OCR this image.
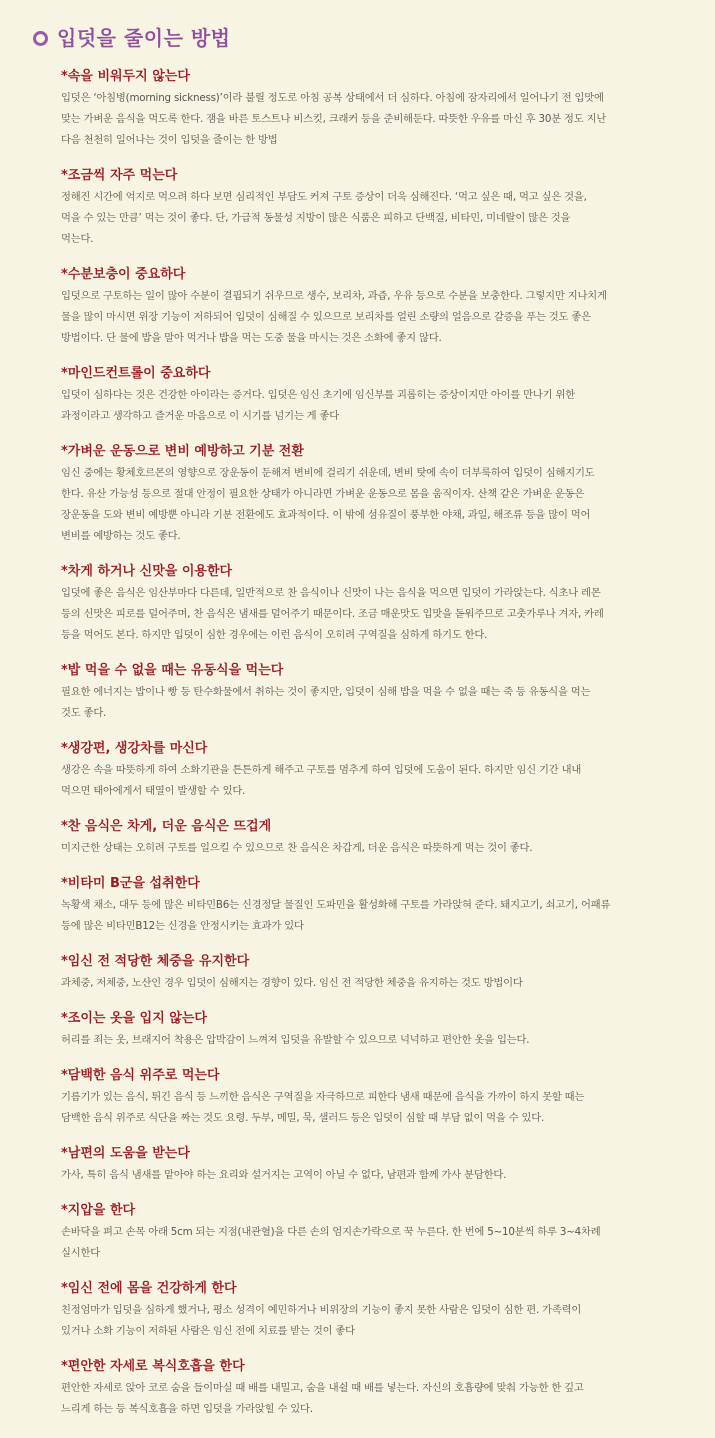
입덧을 줄이는 방법
*속을 비워두지 않는다
입덧은 ‘아침병(morning sickness)’이라 불릴 정도로 아침 공복 상태에서 더 심하다. 아침에 잠자리에서 일어나기 전 입맛에
맞는 가벼운 음식을 먹도록 한다. 잼을 바른 토스트나 비스킷, 크래커 등을 준비해둔다. 따뜻한 우유를 마신 후 30분 정도 지난
다음 천천히 일어나는 것이 입덧을 줄이는 한 방법
*조금씩 자주 먹는다
정해진 시간에 억지로 먹으려 하다 보면 심리적인 부담도 커져 구토 증상이 더욱 심해진다. ‘먹고 싶은 때, 먹고 싶은 것을,
먹을 수 있는 만큼’ 먹는 것이 좋다. 단, 가급적 동물성 지방이 많은 식품은 피하고 단백질, 비타민, 미네랄이 많은 것을
먹는다.
*수분보충이 중요하다
입덧으로 구토하는 일이 많아 수분이 결핍되기 쉬우므로 생수, 보리차, 과즙, 우유 등으로 수분을 보충한다. 그렇지만 지나치게
물을 많이 마시면 위장 기능이 저하되어 입덧이 심해질 수 있으므로 보리차를 얼린 소량의 얼음으로 갈증을 푸는 것도 좋은
방법이다. 단 물에 밥을 말아 먹거나 밥을 먹는 도중 물을 마시는 것은 소화에 좋지 않다.
*마인드컨트롤이 중요하다
입덧이 심하다는 것은 건강한 아이라는 증거다. 입덧은 임신 초기에 임신부를 괴롭히는 증상이지만 아이를 만나기 위한
과정이라고 생각하고 즐거운 마음으로 이 시기를 넘기는 게 좋다
*가벼운 운동으로 변비 예방하고 기분 전환
임신 중에는 황체호르몬의 영향으로 장운동이 둔해져 변비에 걸리기 쉬운데, 변비 탓에 속이 더부룩하여 입덧이 심해지기도
한다. 유산 가능성 등으로 절대 안정이 필요한 상태가 아니라면 가벼운 운동으로 몸을 움직이자. 산책 같은 가벼운 운동은
장운동을 도와 변비 예방뿐 아니라 기분 전환에도 효과적이다. 이 밖에 섬유질이 풍부한 야채, 과일, 해조류 등을 많이 먹어
변비를 예방하는 것도 좋다.
*차게 하거나 신맛을 이용한다
입덧에 좋은 음식은 임산부마다 다른데, 일반적으로 찬 음식이나 신맛이 나는 음식을 먹으면 입덧이 가라앉는다. 식초나 레몬
등의 신맛은 피로를 덜어주며, 찬 음식은 냄새를 덜어주기 때문이다. 조금 매운맛도 입맛을 돋워주므로 고춧가루나 겨자, 카레
등을 먹어도 본다. 하지만 입덧이 심한 경우에는 이런 음식이 오히려 구역질을 심하게 하기도 한다.
*밥 먹을 수 없을 때는 유동식을 먹는다
필요한 에너지는 밥이나 빵 등 탄수화물에서 취하는 것이 좋지만, 입덧이 심해 밥을 먹을 수 없을 때는 죽 등 유동식을 먹는
것도 좋다.
*생강편, 생강차를 마신다
생강은 속을 따뜻하게 하여 소화기관을 튼튼하게 해주고 구토를 멈추게 하여 입덧에 도움이 된다. 하지만 임신 기간 내내
먹으면 태아에게서 태열이 발생할 수 있다.
*찬 음식은 차게, 더운 음식은 뜨겁게
미지근한 상태는 오히려 구토를 일으킬 수 있으므로 찬 음식은 차갑게, 더운 음식은 따뜻하게 먹는 것이 좋다.
*비타미 B군을 섭취한다
녹황색 채소, 대두 등에 많은 비타민B6는 신경정달 물질인 도파민을 활성화해 구토를 가라앉혀 준다. 돼지고기, 쇠고기, 어패류
등에 많은 비타민B12는 신경을 안정시키는 효과가 있다
*임신 전 적당한 체중을 유지한다
과체중, 저체중, 노산인 경우 입덧이 심해지는 경향이 있다. 임신 전 적당한 체중을 유지하는 것도 방법이다
*조이는 옷을 입지 않는다
허리를 죄는 옷, 브래지어 착용은 압박감이 느껴져 입덧을 유발할 수 있으므로 넉넉하고 편안한 옷을 입는다.
*담백한 음식 위주로 먹는다
기름기가 있는 음식, 튀긴 음식 등 느끼한 음식은 구역질을 자극하므로 피한다 냄새 때문에 음식을 가까이 하지 못할 때는
담백한 음식 위주로 식단을 짜는 것도 요령. 두부, 메밀, 묵, 샐러드 등은 입덧이 심할 때 부담 없이 먹을 수 있다.
*남편의 도움을 받는다
가사, 특히 음식 냄새를 맡아야 하는 요리와 설거지는 고역이 아닐 수 없다, 남편과 함께 가사 분담한다.
*지압을 한다
손바닥을 펴고 손목 아래 5cm 되는 지점(내관혈)을 다른 손의 엄지손가락으로 꾹 누른다. 한 번에 5~10분씩 하루 3~4차례
실시한다
*임신 전에 몸을 건강하게 한다
친정엄마가 입덧을 심하게 했거나, 평소 성격이 예민하거나 비위장의 기능이 좋지 못한 사람은 입덧이 심한 편. 가족력이
있거나 소화 기능이 저하된 사람은 임신 전에 치료를 받는 것이 좋다
*편안한 자세로 복식호흡을 한다
편안한 자세로 앉아 코로 숨을 들이마실 때 배를 내밀고, 숨을 내쉴 때 배를 넣는다. 자신의 호흡량에 맞춰 가능한 한 깊고
느리게 하는 등 복식호흡을 하면 입덧을 가라앉힐 수 있다.
